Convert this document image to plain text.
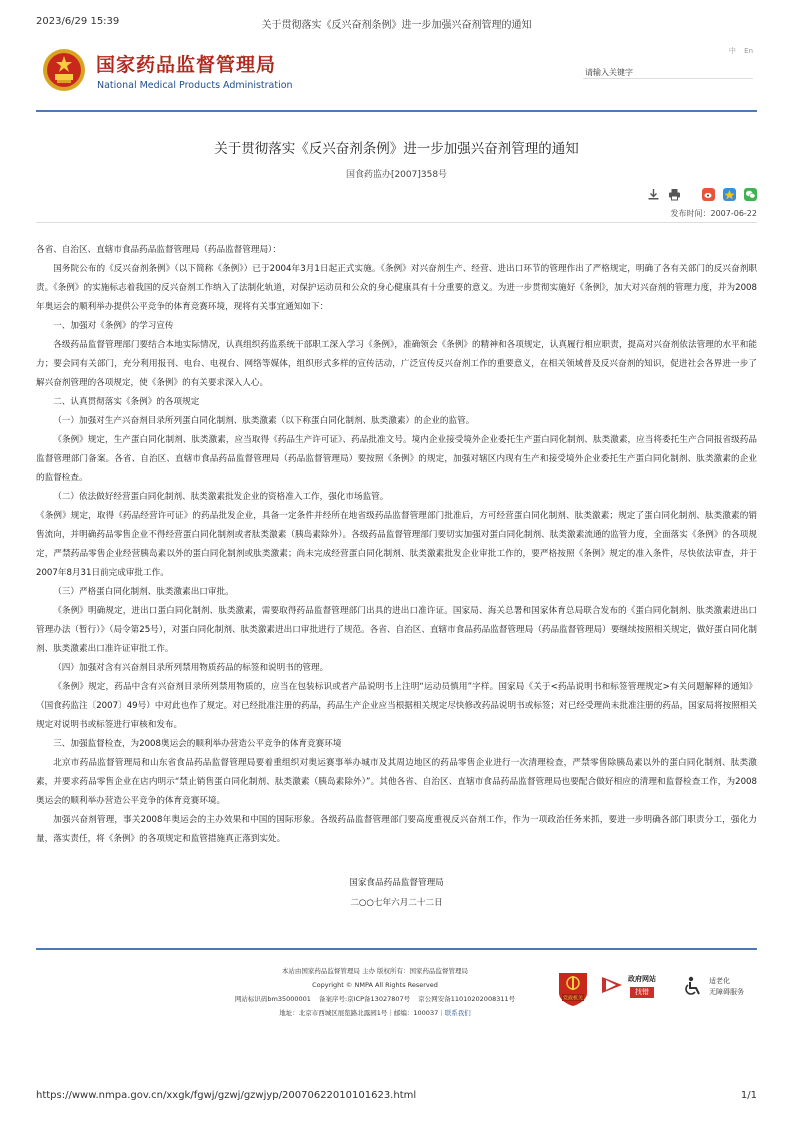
2023/6/29 15:39	关于贯彻落实《反兴奋剂条例》进一步加强兴奋剂管理的通知
国家药品监督管理局
National Medical Products Administration
中 En
请输入关键字
关于贯彻落实《反兴奋剂条例》进一步加强兴奋剂管理的通知
国食药监办[2007]358号

发布时间：2007-06-22

各省、自治区、直辖市食品药品监督管理局（药品监督管理局）：

国务院公布的《反兴奋剂条例》（以下简称《条例》）已于2004年3月1日起正式实施。《条例》对兴奋剂生产、经营、进出口环节的管理作出了严格规定，明确了各有关部门的反兴奋剂职责。《条例》的实施标志着我国的反兴奋剂工作纳入了法制化轨道，对保护运动员和公众的身心健康具有十分重要的意义。为进一步贯彻实施好《条例》，加大对兴奋剂的管理力度，并为2008年奥运会的顺利举办提供公平竞争的体育竞赛环境，现将有关事宜通知如下：

一、加强对《条例》的学习宣传

各级药品监督管理部门要结合本地实际情况，认真组织药监系统干部职工深入学习《条例》，准确领会《条例》的精神和各项规定，认真履行相应职责，提高对兴奋剂依法管理的水平和能力；要会同有关部门，充分利用报刊、电台、电视台、网络等媒体，组织形式多样的宣传活动，广泛宣传反兴奋剂工作的重要意义，在相关领域普及反兴奋剂的知识，促进社会各界进一步了解兴奋剂管理的各项规定，使《条例》的有关要求深入人心。

二、认真贯彻落实《条例》的各项规定

（一）加强对生产兴奋剂目录所列蛋白同化制剂、肽类激素（以下称蛋白同化制剂、肽类激素）的企业的监管。

《条例》规定，生产蛋白同化制剂、肽类激素，应当取得《药品生产许可证》、药品批准文号。境内企业接受境外企业委托生产蛋白同化制剂、肽类激素，应当将委托生产合同报省级药品监督管理部门备案。各省、自治区、直辖市食品药品监督管理局（药品监督管理局）要按照《条例》的规定，加强对辖区内现有生产和接受境外企业委托生产蛋白同化制剂、肽类激素的企业的监督检查。

（二）依法做好经营蛋白同化制剂、肽类激素批发企业的资格准入工作，强化市场监管。

《条例》规定，取得《药品经营许可证》的药品批发企业，具备一定条件并经所在地省级药品监督管理部门批准后，方可经营蛋白同化制剂、肽类激素；规定了蛋白同化制剂、肽类激素的销售流向，并明确药品零售企业不得经营蛋白同化制剂或者肽类激素（胰岛素除外）。各级药品监督管理部门要切实加强对蛋白同化制剂、肽类激素流通的监管力度，全面落实《条例》的各项规定，严禁药品零售企业经营胰岛素以外的蛋白同化制剂或肽类激素；尚未完成经营蛋白同化制剂、肽类激素批发企业审批工作的，要严格按照《条例》规定的准入条件，尽快依法审查，并于2007年8月31日前完成审批工作。

（三）严格蛋白同化制剂、肽类激素出口审批。

《条例》明确规定，进出口蛋白同化制剂、肽类激素，需要取得药品监督管理部门出具的进出口准许证。国家局、海关总署和国家体育总局联合发布的《蛋白同化制剂、肽类激素进出口管理办法（暂行）》（局令第25号），对蛋白同化制剂、肽类激素进出口审批进行了规范。各省、自治区、直辖市食品药品监督管理局（药品监督管理局）要继续按照相关规定，做好蛋白同化制剂、肽类激素出口准许证审批工作。

（四）加强对含有兴奋剂目录所列禁用物质药品的标签和说明书的管理。

《条例》规定，药品中含有兴奋剂目录所列禁用物质的，应当在包装标识或者产品说明书上注明“运动员慎用”字样。国家局《关于<药品说明书和标签管理规定>有关问题解释的通知》（国食药监注〔2007〕49号）中对此也作了规定。对已经批准注册的药品，药品生产企业应当根据相关规定尽快修改药品说明书或标签；对已经受理尚未批准注册的药品，国家局将按照相关规定对说明书或标签进行审核和发布。

三、加强监督检查，为2008奥运会的顺利举办营造公平竞争的体育竞赛环境

北京市药品监督管理局和山东省食品药品监督管理局要着重组织对奥运赛事举办城市及其周边地区的药品零售企业进行一次清理检查，严禁零售除胰岛素以外的蛋白同化制剂、肽类激素，并要求药品零售企业在店内明示“禁止销售蛋白同化制剂、肽类激素（胰岛素除外）”。其他各省、自治区、直辖市食品药品监督管理局也要配合做好相应的清理和监督检查工作，为2008奥运会的顺利举办营造公平竞争的体育竞赛环境。

加强兴奋剂管理，事关2008年奥运会的主办效果和中国的国际形象。各级药品监督管理部门要高度重视反兴奋剂工作，作为一项政治任务来抓，要进一步明确各部门职责分工，强化力量，落实责任，将《条例》的各项规定和监管措施真正落到实处。

国家食品药品监督管理局
二○○七年六月二十二日
本站由国家药品监督管理局 主办 版权所有：国家药品监督管理局
Copyright © NMPA All Rights Reserved
网站标识码bm35000001 备案序号:京ICP备13027807号 京公网安备11010202008311号
地址：北京市西城区展览路北露园1号｜邮编：100037｜联系我们
党政机关
政府网站
找错
适老化
无障碍服务
https://www.nmpa.gov.cn/xxgk/fgwj/gzwj/gzwjyp/20070622010101623.html	1/1
